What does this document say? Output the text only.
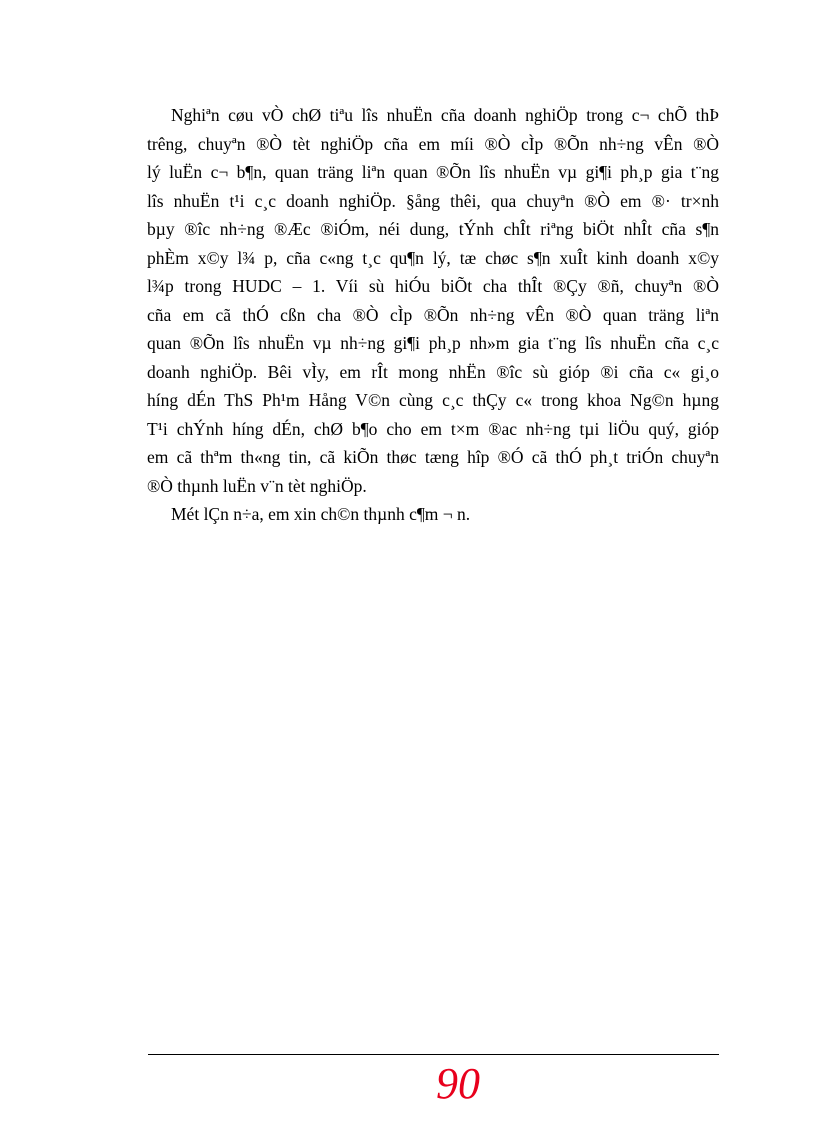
Nghiªn cøu vÒ chØ tiªu lîs nhuËn cña doanh nghiÖp trong c¬ chÕ thÞ
trêng, chuyªn ®Ò tèt nghiÖp cña em míi ®Ò cÌp ®Õn nh÷ng vÊn ®Ò
lý luËn c¬ b¶n, quan träng liªn quan ®Õn lîs nhuËn vµ gi¶i ph¸p gia t¨ng
lîs nhuËn t¹i c¸c doanh nghiÖp. §ång thêi, qua chuyªn ®Ò em ®· tr×nh
bµy ®îc nh÷ng ®Æc ®iÓm, néi dung, tÝnh chÎt riªng biÖt nhÎt cña s¶n
phÈm x©y l¾ p, cña c«ng t¸c qu¶n lý, tæ chøc s¶n xuÎt kinh doanh x©y
l¾p trong HUDC – 1. Víi sù hiÓu biÕt cha thÎt ®Çy ®ñ, chuyªn ®Ò
cña em cã thÓ cßn cha ®Ò cÌp ®Õn nh÷ng vÊn ®Ò quan träng liªn
quan ®Õn lîs nhuËn vµ nh÷ng gi¶i ph¸p nh»m gia t¨ng lîs nhuËn cña c¸c
doanh nghiÖp. Bêi vÌy, em rÎt mong nhËn ®îc sù gióp ®i cña c« gi¸o
híng dÉn ThS Ph¹m Hång V©n cùng c¸c thÇy c« trong khoa Ng©n hµng
T¹i chÝnh híng dÉn, chØ b¶o cho em t×m ®ac nh÷ng tµi liÖu quý, gióp
em cã thªm th«ng tin, cã kiÕn thøc tæng hîp ®Ó cã thÓ ph¸t triÓn chuyªn
®Ò thµnh luËn v¨n tèt nghiÖp.
Mét lÇn n÷a, em xin ch©n thµnh c¶m ¬ n.
90
